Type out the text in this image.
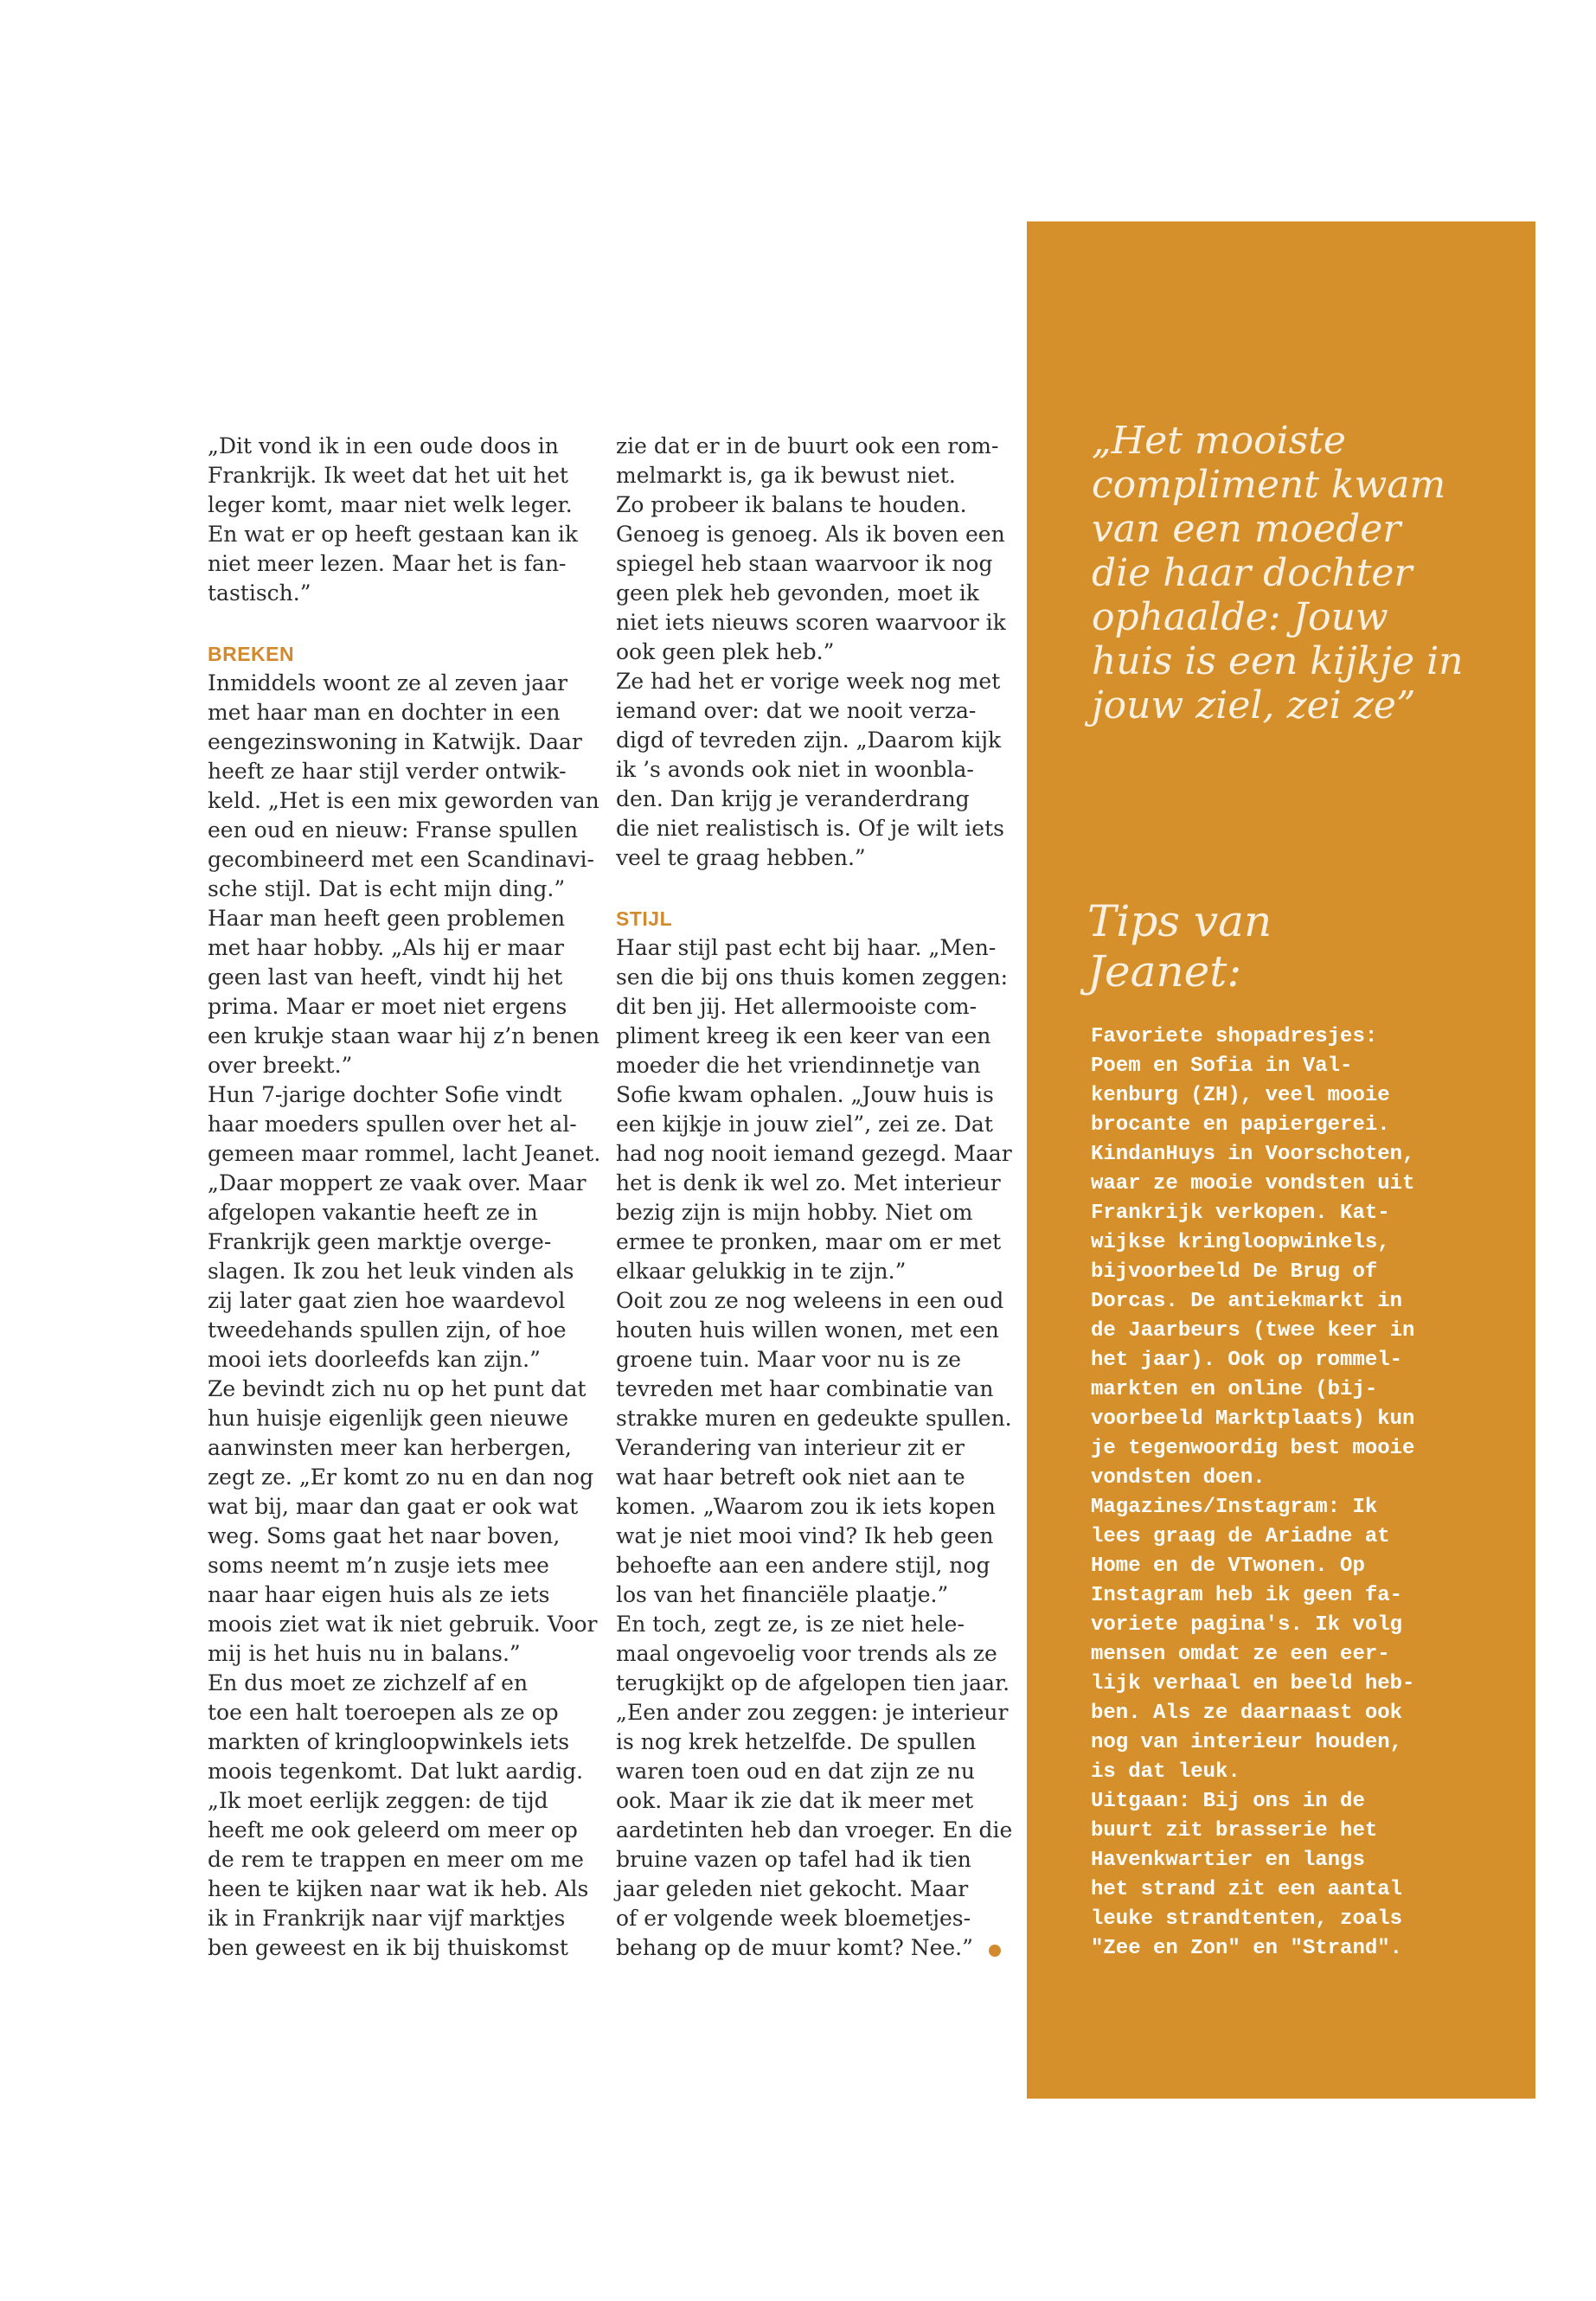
„Dit vond ik in een oude doos in
Frankrijk. Ik weet dat het uit het
leger komt, maar niet welk leger.
En wat er op heeft gestaan kan ik
niet meer lezen. Maar het is fan-
tastisch.”
BREKEN
Inmiddels woont ze al zeven jaar
met haar man en dochter in een
eengezinswoning in Katwijk. Daar
heeft ze haar stijl verder ontwik-
keld. „Het is een mix geworden van
een oud en nieuw: Franse spullen
gecombineerd met een Scandinavi-
sche stijl. Dat is echt mijn ding.”
Haar man heeft geen problemen
met haar hobby. „Als hij er maar
geen last van heeft, vindt hij het
prima. Maar er moet niet ergens
een krukje staan waar hij z’n benen
over breekt.”
Hun 7-jarige dochter Sofie vindt
haar moeders spullen over het al-
gemeen maar rommel, lacht Jeanet.
„Daar moppert ze vaak over. Maar
afgelopen vakantie heeft ze in
Frankrijk geen marktje overge-
slagen. Ik zou het leuk vinden als
zij later gaat zien hoe waardevol
tweedehands spullen zijn, of hoe
mooi iets doorleefds kan zijn.”
Ze bevindt zich nu op het punt dat
hun huisje eigenlijk geen nieuwe
aanwinsten meer kan herbergen,
zegt ze. „Er komt zo nu en dan nog
wat bij, maar dan gaat er ook wat
weg. Soms gaat het naar boven,
soms neemt m’n zusje iets mee
naar haar eigen huis als ze iets
moois ziet wat ik niet gebruik. Voor
mij is het huis nu in balans.”
En dus moet ze zichzelf af en
toe een halt toeroepen als ze op
markten of kringloopwinkels iets
moois tegenkomt. Dat lukt aardig.
„Ik moet eerlijk zeggen: de tijd
heeft me ook geleerd om meer op
de rem te trappen en meer om me
heen te kijken naar wat ik heb. Als
ik in Frankrijk naar vijf marktjes
ben geweest en ik bij thuiskomst
zie dat er in de buurt ook een rom-
melmarkt is, ga ik bewust niet.
Zo probeer ik balans te houden.
Genoeg is genoeg. Als ik boven een
spiegel heb staan waarvoor ik nog
geen plek heb gevonden, moet ik
niet iets nieuws scoren waarvoor ik
ook geen plek heb.”
Ze had het er vorige week nog met
iemand over: dat we nooit verza-
digd of tevreden zijn. „Daarom kijk
ik ’s avonds ook niet in woonbla-
den. Dan krijg je veranderdrang
die niet realistisch is. Of je wilt iets
veel te graag hebben.”
STIJL
Haar stijl past echt bij haar. „Men-
sen die bij ons thuis komen zeggen:
dit ben jij. Het allermooiste com-
pliment kreeg ik een keer van een
moeder die het vriendinnetje van
Sofie kwam ophalen. „Jouw huis is
een kijkje in jouw ziel”, zei ze. Dat
had nog nooit iemand gezegd. Maar
het is denk ik wel zo. Met interieur
bezig zijn is mijn hobby. Niet om
ermee te pronken, maar om er met
elkaar gelukkig in te zijn.”
Ooit zou ze nog weleens in een oud
houten huis willen wonen, met een
groene tuin. Maar voor nu is ze
tevreden met haar combinatie van
strakke muren en gedeukte spullen.
Verandering van interieur zit er
wat haar betreft ook niet aan te
komen. „Waarom zou ik iets kopen
wat je niet mooi vind? Ik heb geen
behoefte aan een andere stijl, nog
los van het financiële plaatje.”
En toch, zegt ze, is ze niet hele-
maal ongevoelig voor trends als ze
terugkijkt op de afgelopen tien jaar.
„Een ander zou zeggen: je interieur
is nog krek hetzelfde. De spullen
waren toen oud en dat zijn ze nu
ook. Maar ik zie dat ik meer met
aardetinten heb dan vroeger. En die
bruine vazen op tafel had ik tien
jaar geleden niet gekocht. Maar
of er volgende week bloemetjes-
behang op de muur komt? Nee.”
„Het mooiste
compliment kwam
van een moeder
die haar dochter
ophaalde: Jouw
huis is een kijkje in
jouw ziel, zei ze”
Tips van
Jeanet:
Favoriete shopadresjes:
Poem en Sofia in Val-
kenburg (ZH), veel mooie
brocante en papiergerei.
KindanHuys in Voorschoten,
waar ze mooie vondsten uit
Frankrijk verkopen. Kat-
wijkse kringloopwinkels,
bijvoorbeeld De Brug of
Dorcas. De antiekmarkt in
de Jaarbeurs (twee keer in
het jaar). Ook op rommel-
markten en online (bij-
voorbeeld Marktplaats) kun
je tegenwoordig best mooie
vondsten doen.
Magazines/Instagram: Ik
lees graag de Ariadne at
Home en de VTwonen. Op
Instagram heb ik geen fa-
voriete pagina's. Ik volg
mensen omdat ze een eer-
lijk verhaal en beeld heb-
ben. Als ze daarnaast ook
nog van interieur houden,
is dat leuk.
Uitgaan: Bij ons in de
buurt zit brasserie het
Havenkwartier en langs
het strand zit een aantal
leuke strandtenten, zoals
"Zee en Zon" en "Strand".
